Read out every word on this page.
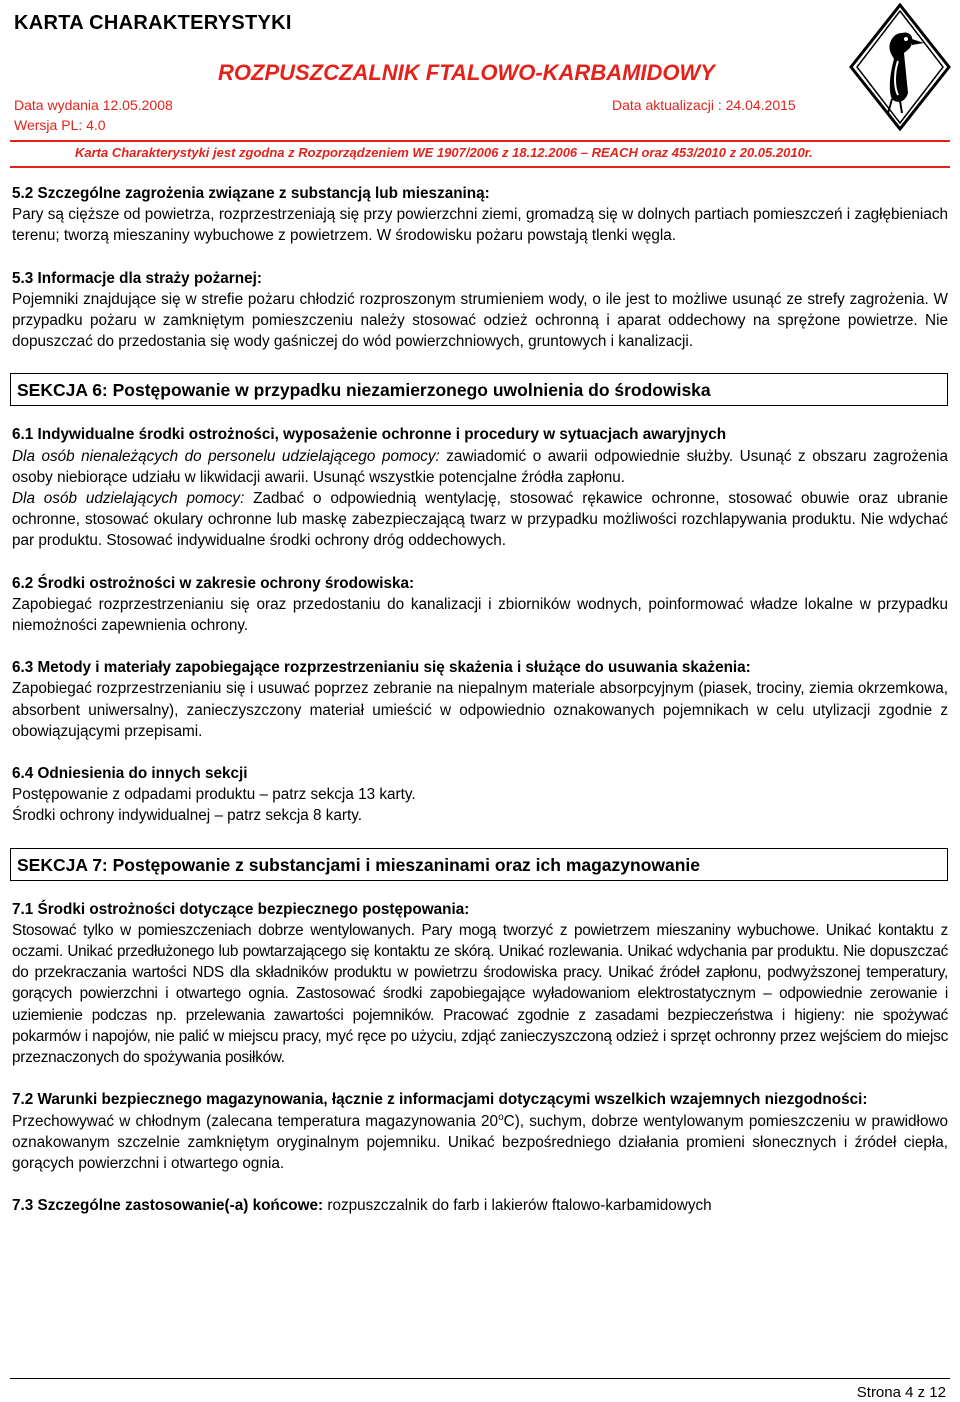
KARTA CHARAKTERYSTYKI
ROZPUSZCZALNIK FTALOWO-KARBAMIDOWY
Data wydania 12.05.2008	Data aktualizacji : 24.04.2015
Wersja PL: 4.0
Karta Charakterystyki jest zgodna z Rozporządzeniem WE 1907/2006 z 18.12.2006 – REACH oraz 453/2010 z 20.05.2010r.

5.2 Szczególne zagrożenia związane z substancją lub mieszaniną:

Pary są cięższe od powietrza, rozprzestrzeniają się przy powierzchni ziemi, gromadzą się w dolnych partiach pomieszczeń i zagłębieniach terenu; tworzą mieszaniny wybuchowe z powietrzem. W środowisku pożaru powstają tlenki węgla.

5.3 Informacje dla straży pożarnej:

Pojemniki znajdujące się w strefie pożaru chłodzić rozproszonym strumieniem wody, o ile jest to możliwe usunąć ze strefy zagrożenia. W przypadku pożaru w zamkniętym pomieszczeniu należy stosować odzież ochronną i aparat oddechowy na sprężone powietrze. Nie dopuszczać do przedostania się wody gaśniczej do wód powierzchniowych, gruntowych i kanalizacji.

SEKCJA 6: Postępowanie w przypadku niezamierzonego uwolnienia do środowiska

6.1 Indywidualne środki ostrożności, wyposażenie ochronne i procedury w sytuacjach awaryjnych

Dla osób nienależących do personelu udzielającego pomocy: zawiadomić o awarii odpowiednie służby. Usunąć z obszaru zagrożenia osoby niebiorące udziału w likwidacji awarii. Usunąć wszystkie potencjalne źródła zapłonu.

Dla osób udzielających pomocy: Zadbać o odpowiednią wentylację, stosować rękawice ochronne, stosować obuwie oraz ubranie ochronne, stosować okulary ochronne lub maskę zabezpieczającą twarz w przypadku możliwości rozchlapywania produktu. Nie wdychać par produktu. Stosować indywidualne środki ochrony dróg oddechowych.

6.2 Środki ostrożności w zakresie ochrony środowiska:

Zapobiegać rozprzestrzenianiu się oraz przedostaniu do kanalizacji i zbiorników wodnych, poinformować władze lokalne w przypadku niemożności zapewnienia ochrony.

6.3 Metody i materiały zapobiegające rozprzestrzenianiu się skażenia i służące do usuwania skażenia:

Zapobiegać rozprzestrzenianiu się i usuwać poprzez zebranie na niepalnym materiale absorpcyjnym (piasek, trociny, ziemia okrzemkowa, absorbent uniwersalny), zanieczyszczony materiał umieścić w odpowiednio oznakowanych pojemnikach w celu utylizacji zgodnie z obowiązującymi przepisami.

6.4 Odniesienia do innych sekcji

Postępowanie z odpadami produktu – patrz sekcja 13 karty.

Środki ochrony indywidualnej – patrz sekcja 8 karty.

SEKCJA 7: Postępowanie z substancjami i mieszaninami oraz ich magazynowanie

7.1 Środki ostrożności dotyczące bezpiecznego postępowania:

Stosować tylko w pomieszczeniach dobrze wentylowanych. Pary mogą tworzyć z powietrzem mieszaniny wybuchowe. Unikać kontaktu z oczami. Unikać przedłużonego lub powtarzającego się kontaktu ze skórą. Unikać rozlewania. Unikać wdychania par produktu. Nie dopuszczać do przekraczania wartości NDS dla składników produktu w powietrzu środowiska pracy. Unikać źródeł zapłonu, podwyższonej temperatury, gorących powierzchni i otwartego ognia. Zastosować środki zapobiegające wyładowaniom elektrostatycznym – odpowiednie zerowanie i uziemienie podczas np. przelewania zawartości pojemników. Pracować zgodnie z zasadami bezpieczeństwa i higieny: nie spożywać pokarmów i napojów, nie palić w miejscu pracy, myć ręce po użyciu, zdjąć zanieczyszczoną odzież i sprzęt ochronny przez wejściem do miejsc przeznaczonych do spożywania posiłków.

7.2 Warunki bezpiecznego magazynowania, łącznie z informacjami dotyczącymi wszelkich wzajemnych niezgodności:

Przechowywać w chłodnym (zalecana temperatura magazynowania 20$^o$C), suchym, dobrze wentylowanym pomieszczeniu w prawidłowo oznakowanym szczelnie zamkniętym oryginalnym pojemniku. Unikać bezpośredniego działania promieni słonecznych i źródeł ciepła, gorących powierzchni i otwartego ognia.

7.3 Szczególne zastosowanie(-a) końcowe: rozpuszczalnik do farb i lakierów ftalowo-karbamidowych

Strona 4 z 12
